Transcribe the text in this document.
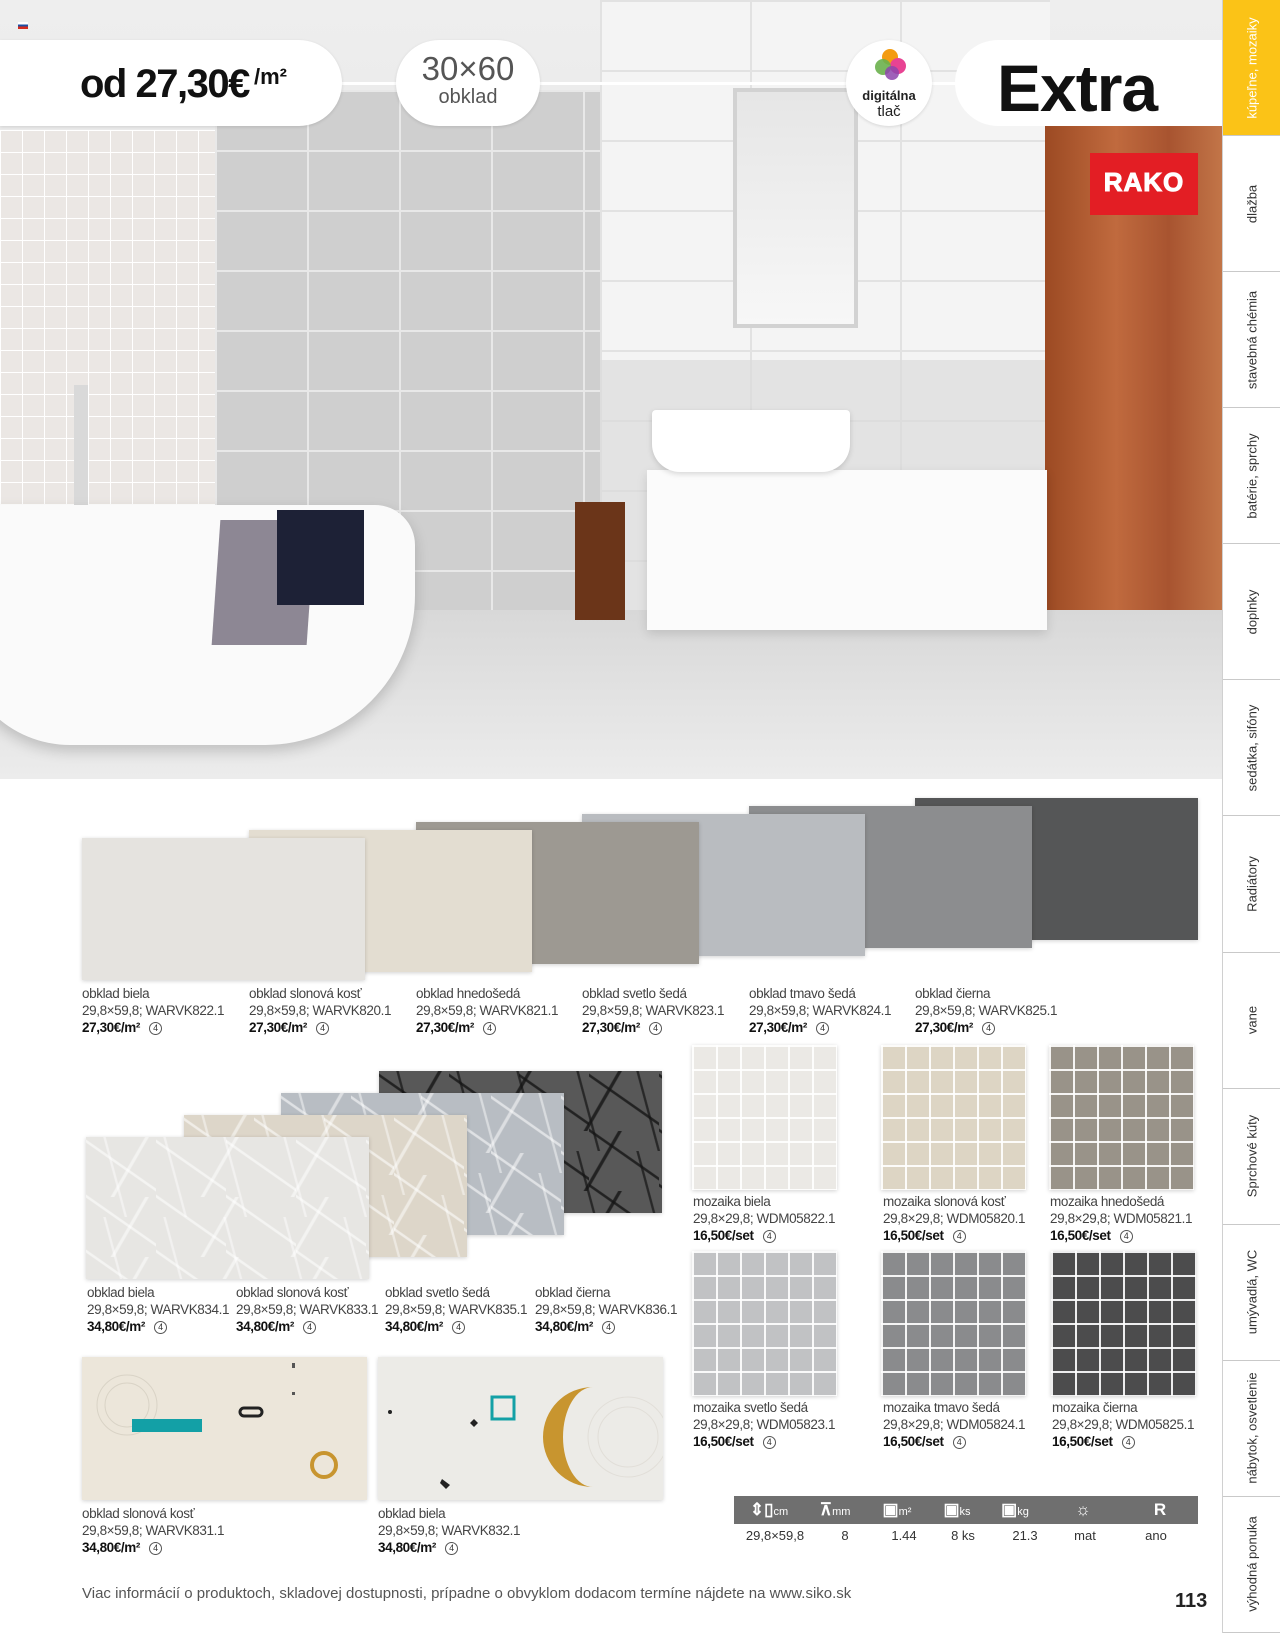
od 27,30€ /m²	30×60
obklad	digitálna
tlač	Extra
RAKO
kúpeľne, mozaiky
dlažba
stavebná chémia
batérie, sprchy
doplnky
sedátka, sifóny
Radiátory
vane
Sprchové kúty
umývadlá, WC
nábytok, osvetlenie
výhodná ponuka
obklad biela
29,8×59,8; WARVK822.1
27,30€/m² 4
obklad slonová kosť
29,8×59,8; WARVK820.1
27,30€/m² 4
obklad hnedošedá
29,8×59,8; WARVK821.1
27,30€/m² 4
obklad svetlo šedá
29,8×59,8; WARVK823.1
27,30€/m² 4
obklad tmavo šedá
29,8×59,8; WARVK824.1
27,30€/m² 4
obklad čierna
29,8×59,8; WARVK825.1
27,30€/m² 4
obklad biela
29,8×59,8; WARVK834.1
34,80€/m² 4
obklad slonová kosť
29,8×59,8; WARVK833.1
34,80€/m² 4
obklad svetlo šedá
29,8×59,8; WARVK835.1
34,80€/m² 4
obklad čierna
29,8×59,8; WARVK836.1
34,80€/m² 4
obklad slonová kosť
29,8×59,8; WARVK831.1
34,80€/m² 4
obklad biela
29,8×59,8; WARVK832.1
34,80€/m² 4
mozaika biela
29,8×29,8; WDM05822.1
16,50€/set 4
mozaika slonová kosť
29,8×29,8; WDM05820.1
16,50€/set 4
mozaika hnedošedá
29,8×29,8; WDM05821.1
16,50€/set 4
mozaika svetlo šedá
29,8×29,8; WDM05823.1
16,50€/set 4
mozaika tmavo šedá
29,8×29,8; WDM05824.1
16,50€/set 4
mozaika čierna
29,8×29,8; WDM05825.1
16,50€/set 4
⇕▯cm	⊼mm	▣m²	▣ks	▣kg	☼	R
29,8×59,8	8	1.44	8 ks	21.3	mat	ano
Viac informácií o produktoch, skladovej dostupnosti, prípadne o obvyklom dodacom termíne nájdete na www.siko.sk	113
